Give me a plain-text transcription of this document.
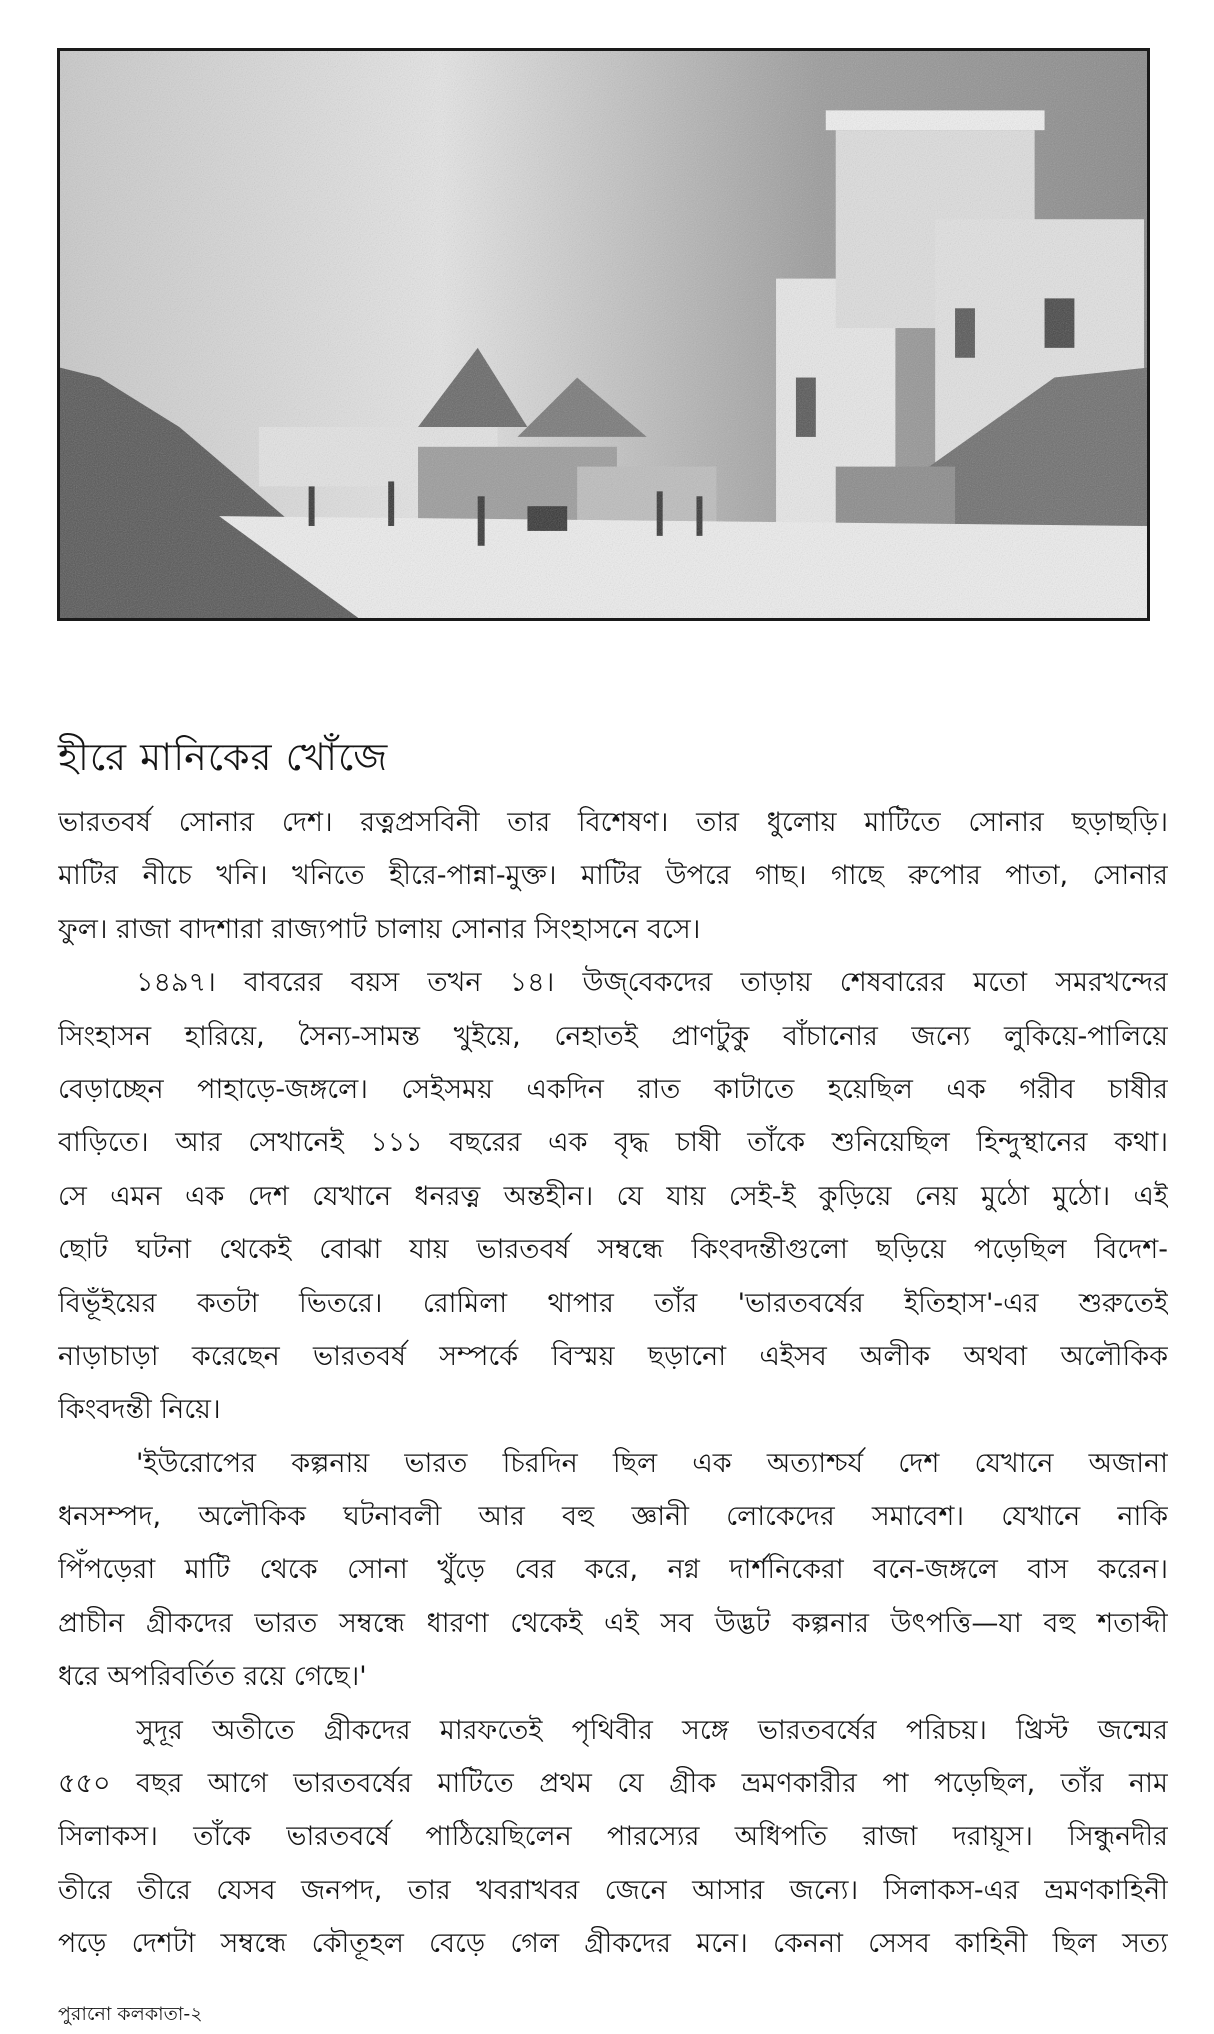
হীরে মানিকের খোঁজে
ভারতবর্ষ সোনার দেশ। রত্নপ্রসবিনী তার বিশেষণ। তার ধুলোয় মাটিতে সোনার ছড়াছড়ি।
মাটির নীচে খনি। খনিতে হীরে-পান্না-মুক্ত। মাটির উপরে গাছ। গাছে রুপোর পাতা, সোনার
ফুল। রাজা বাদশারা রাজ্যপাট চালায় সোনার সিংহাসনে বসে।
১৪৯৭। বাবরের বয়স তখন ১৪। উজ্‌বেকদের তাড়ায় শেষবারের মতো সমরখন্দের
সিংহাসন হারিয়ে, সৈন্য-সামন্ত খুইয়ে, নেহাতই প্রাণটুকু বাঁচানোর জন্যে লুকিয়ে-পালিয়ে
বেড়াচ্ছেন পাহাড়ে-জঙ্গলে। সেইসময় একদিন রাত কাটাতে হয়েছিল এক গরীব চাষীর
বাড়িতে। আর সেখানেই ১১১ বছরের এক বৃদ্ধ চাষী তাঁকে শুনিয়েছিল হিন্দুস্থানের কথা।
সে এমন এক দেশ যেখানে ধনরত্ন অন্তহীন। যে যায় সেই-ই কুড়িয়ে নেয় মুঠো মুঠো। এই
ছোট ঘটনা থেকেই বোঝা যায় ভারতবর্ষ সম্বন্ধে কিংবদন্তীগুলো ছড়িয়ে পড়েছিল বিদেশ-
বিভূঁইয়ের কতটা ভিতরে। রোমিলা থাপার তাঁর 'ভারতবর্ষের ইতিহাস'-এর শুরুতেই
নাড়াচাড়া করেছেন ভারতবর্ষ সম্পর্কে বিস্ময় ছড়ানো এইসব অলীক অথবা অলৌকিক
কিংবদন্তী নিয়ে।
'ইউরোপের কল্পনায় ভারত চিরদিন ছিল এক অত্যাশ্চর্য দেশ যেখানে অজানা
ধনসম্পদ, অলৌকিক ঘটনাবলী আর বহু জ্ঞানী লোকেদের সমাবেশ। যেখানে নাকি
পিঁপড়েরা মাটি থেকে সোনা খুঁড়ে বের করে, নগ্ন দার্শনিকেরা বনে-জঙ্গলে বাস করেন।
প্রাচীন গ্রীকদের ভারত সম্বন্ধে ধারণা থেকেই এই সব উদ্ভট কল্পনার উৎপত্তি—যা বহু শতাব্দী
ধরে অপরিবর্তিত রয়ে গেছে।'
সুদূর অতীতে গ্রীকদের মারফতেই পৃথিবীর সঙ্গে ভারতবর্ষের পরিচয়। খ্রিস্ট জন্মের
৫৫০ বছর আগে ভারতবর্ষের মাটিতে প্রথম যে গ্রীক ভ্রমণকারীর পা পড়েছিল, তাঁর নাম
সিলাকস। তাঁকে ভারতবর্ষে পাঠিয়েছিলেন পারস্যের অধিপতি রাজা দরায়ূস। সিন্ধুনদীর
তীরে তীরে যেসব জনপদ, তার খবরাখবর জেনে আসার জন্যে। সিলাকস-এর ভ্রমণকাহিনী
পড়ে দেশটা সম্বন্ধে কৌতূহল বেড়ে গেল গ্রীকদের মনে। কেননা সেসব কাহিনী ছিল সত্য
পুরানো কলকাতা-২
